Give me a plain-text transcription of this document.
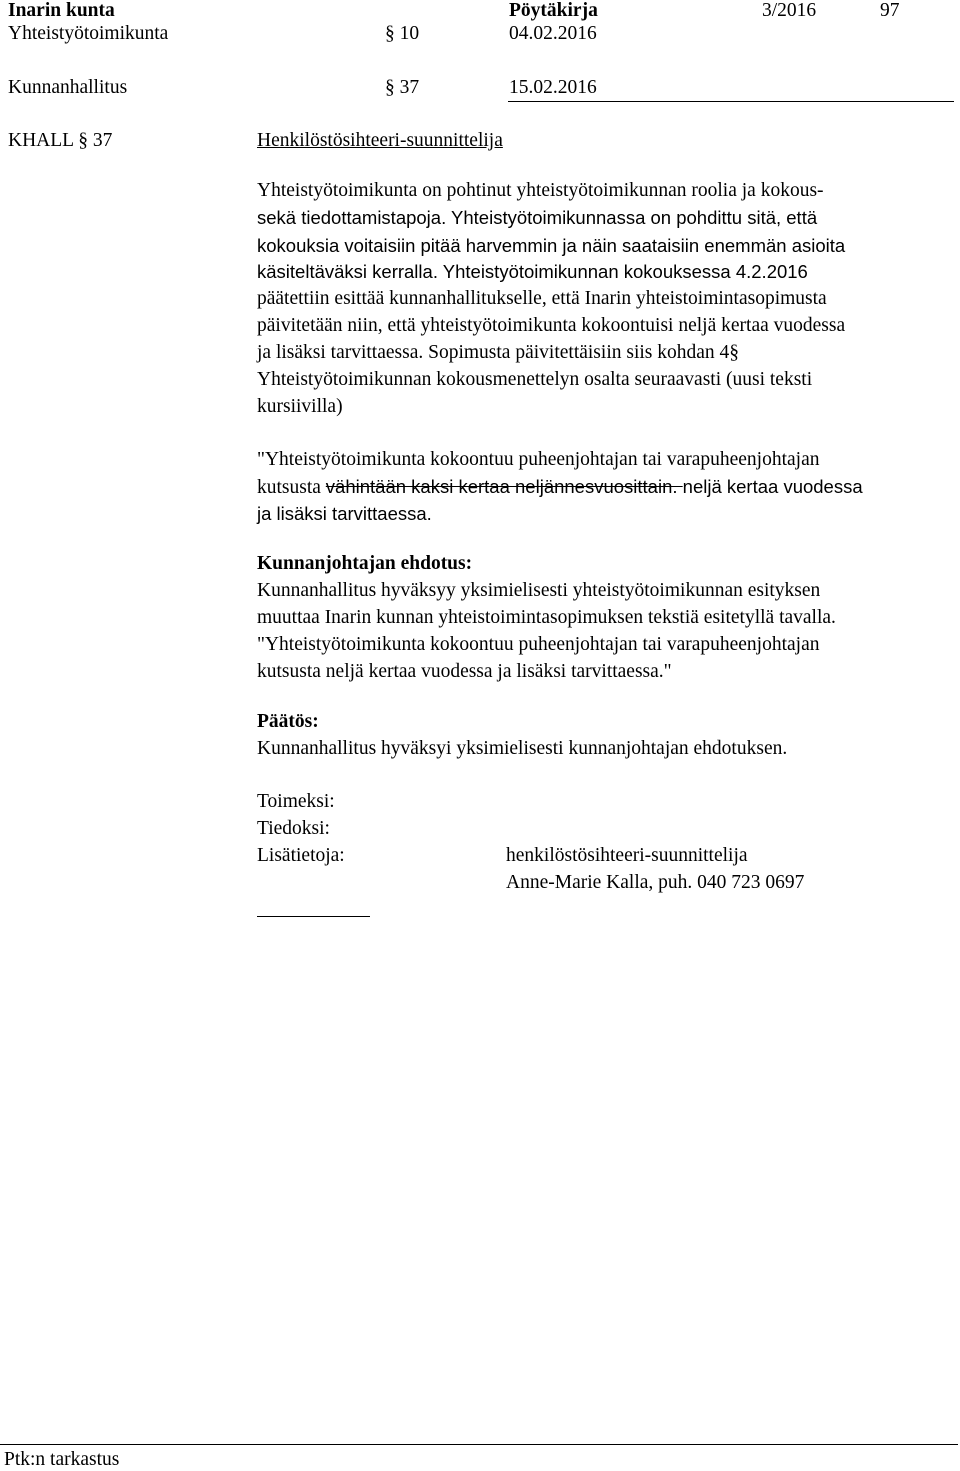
Inarin kunta	Pöytäkirja	3/2016	97
Yhteistyötoimikunta	§ 10	04.02.2016
Kunnanhallitus	§ 37	15.02.2016
KHALL § 37	Henkilöstösihteeri-suunnittelija
Yhteistyötoimikunta on pohtinut yhteistyötoimikunnan roolia ja kokous-
sekä tiedottamistapoja. Yhteistyötoimikunnassa on pohdittu sitä, että
kokouksia voitaisiin pitää harvemmin ja näin saataisiin enemmän asioita
käsiteltäväksi kerralla. Yhteistyötoimikunnan kokouksessa 4.2.2016
päätettiin esittää kunnanhallitukselle, että Inarin yhteistoimintasopimusta
päivitetään niin, että yhteistyötoimikunta kokoontuisi neljä kertaa vuodessa
ja lisäksi tarvittaessa. Sopimusta päivitettäisiin siis kohdan 4§
Yhteistyötoimikunnan kokousmenettelyn osalta seuraavasti (uusi teksti
kursiivilla)
"Yhteistyötoimikunta kokoontuu puheenjohtajan tai varapuheenjohtajan
kutsusta vähintään kaksi kertaa neljännesvuosittain. neljä kertaa vuodessa
ja lisäksi tarvittaessa.
Kunnanjohtajan ehdotus:
Kunnanhallitus hyväksyy yksimielisesti yhteistyötoimikunnan esityksen
muuttaa Inarin kunnan yhteistoimintasopimuksen tekstiä esitetyllä tavalla.
"Yhteistyötoimikunta kokoontuu puheenjohtajan tai varapuheenjohtajan
kutsusta neljä kertaa vuodessa ja lisäksi tarvittaessa."
Päätös:
Kunnanhallitus hyväksyi yksimielisesti kunnanjohtajan ehdotuksen.
Toimeksi:
Tiedoksi:
Lisätietoja:	henkilöstösihteeri-suunnittelija
Anne-Marie Kalla, puh. 040 723 0697
Ptk:n tarkastus
